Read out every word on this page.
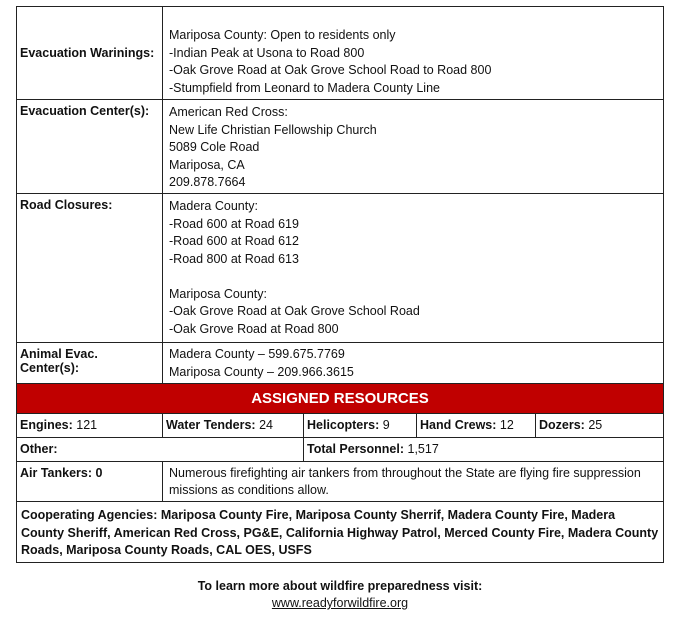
Evacuation Warinings:
Mariposa County: Open to residents only
-Indian Peak at Usona to Road 800
-Oak Grove Road at Oak Grove School Road to Road 800
-Stumpfield from Leonard to Madera County Line
Evacuation Center(s):	American Red Cross:
New Life Christian Fellowship Church
5089 Cole Road
Mariposa, CA
209.878.7664
Road Closures:	Madera County:
-Road 600 at Road 619
-Road 600 at Road 612
-Road 800 at Road 613
Mariposa County:
-Oak Grove Road at Oak Grove School Road
-Oak Grove Road at Road 800
Animal Evac. Center(s):
Madera County – 599.675.7769
Mariposa County – 209.966.3615
ASSIGNED RESOURCES
Engines: 121	Water Tenders: 24	Helicopters: 9	Hand Crews: 12	Dozers: 25
Other:	Total Personnel: 1,517
Air Tankers: 0	Numerous firefighting air tankers from throughout the State are flying fire suppression missions as conditions allow.
Cooperating Agencies: Mariposa County Fire, Mariposa County Sherrif, Madera County Fire, Madera County Sheriff, American Red Cross, PG&E, California Highway Patrol, Merced County Fire, Madera County Roads, Mariposa County Roads, CAL OES, USFS
To learn more about wildfire preparedness visit:
www.readyforwildfire.org
